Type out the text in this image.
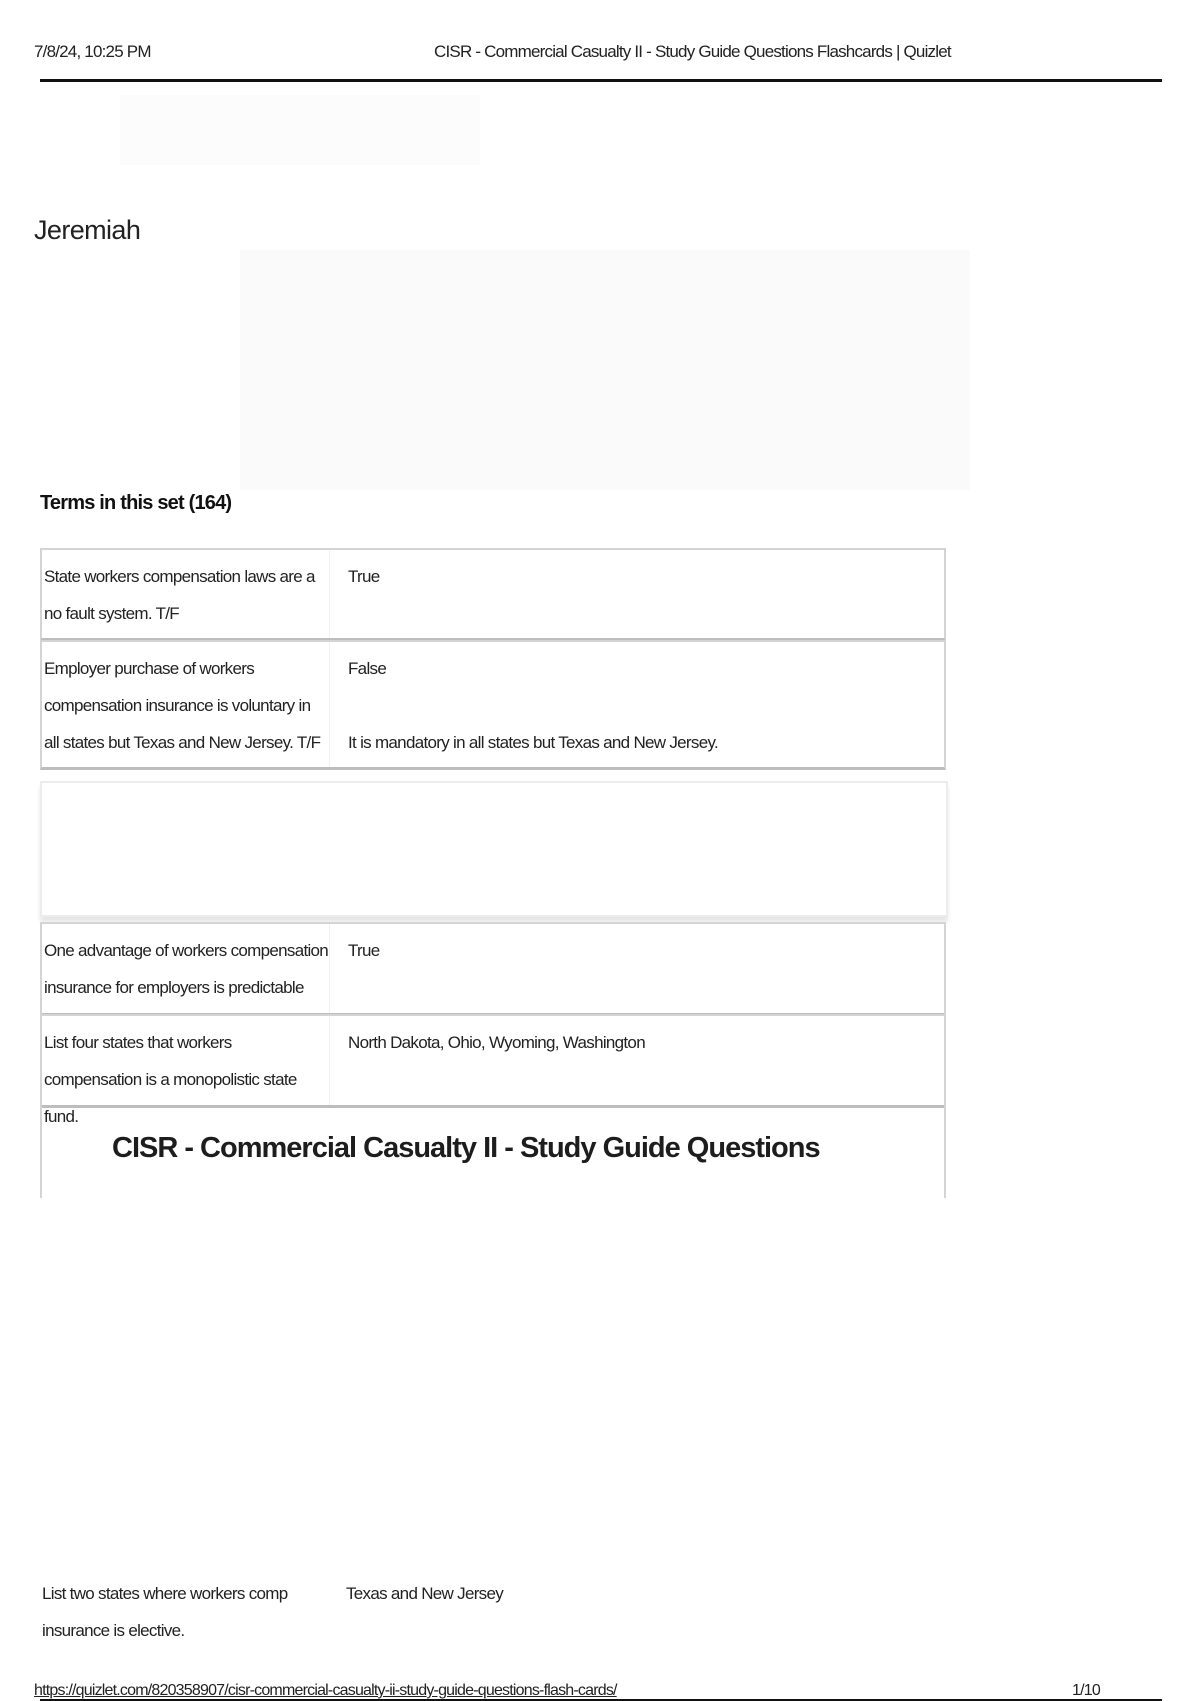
7/8/24, 10:25 PM	CISR - Commercial Casualty II - Study Guide Questions Flashcards | Quizlet
Jeremiah
Terms in this set (164)
State workers compensation laws are a no fault system. T/F
True
Employer purchase of workers compensation insurance is voluntary in all states but Texas and New Jersey. T/F
False
It is mandatory in all states but Texas and New Jersey.
One advantage of workers compensation insurance for employers is predictable
True
List four states that workers compensation is a monopolistic state fund.
North Dakota, Ohio, Wyoming, Washington
CISR - Commercial Casualty II - Study Guide Questions
List two states where workers comp insurance is elective.
Texas and New Jersey
https://quizlet.com/820358907/cisr-commercial-casualty-ii-study-guide-questions-flash-cards/	1/10
